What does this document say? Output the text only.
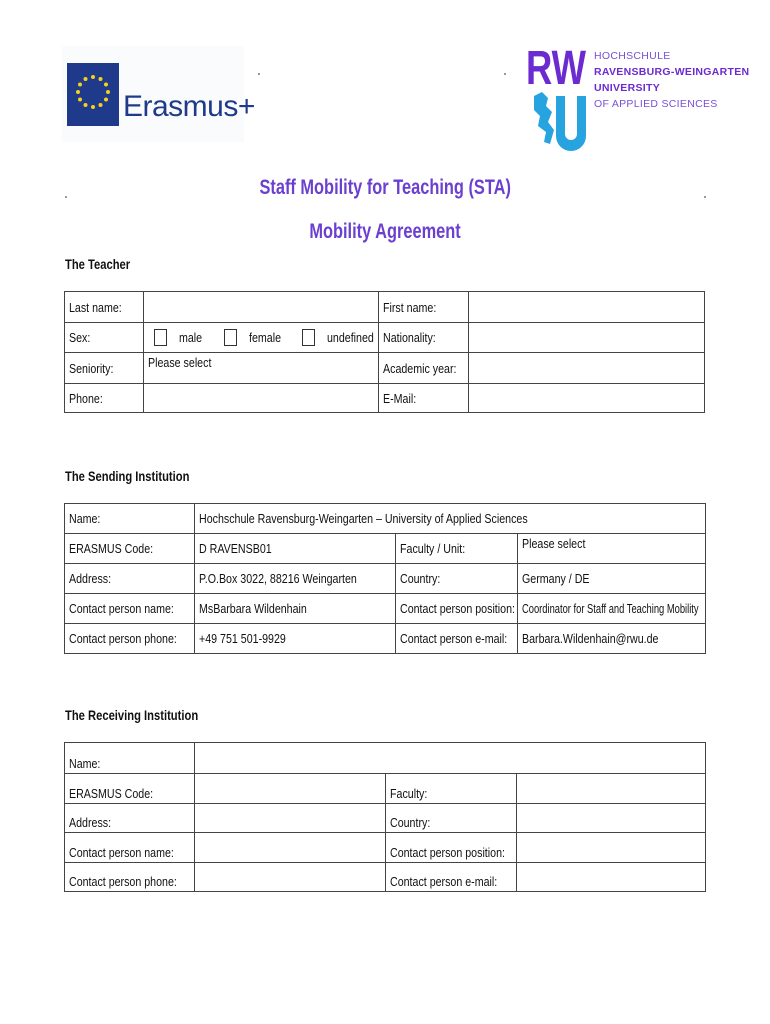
Erasmus+
RW HOCHSCHULE
RAVENSBURG-WEINGARTEN
UNIVERSITY
OF APPLIED SCIENCES
Staff Mobility for Teaching (STA)
Mobility Agreement
The Teacher
Last name:		First name:	
Sex:	male female undefined	Nationality:	
Seniority:	Please select	Academic year:	
Phone:		E-Mail:	
The Sending Institution
Name:	Hochschule Ravensburg-Weingarten – University of Applied Sciences		
ERASMUS Code:	D RAVENSB01	Faculty / Unit:	Please select
Address:	P.O.Box 3022, 88216 Weingarten	Country:	Germany / DE
Contact person name:	MsBarbara Wildenhain	Contact person position:	Coordinator for Staff and Teaching Mobility
Contact person phone:	+49 751 501-9929	Contact person e-mail:	Barbara.Wildenhain@rwu.de
The Receiving Institution
Name:			
ERASMUS Code:		Faculty:	
Address:		Country:	
Contact person name:		Contact person position:	
Contact person phone:		Contact person e-mail:	
